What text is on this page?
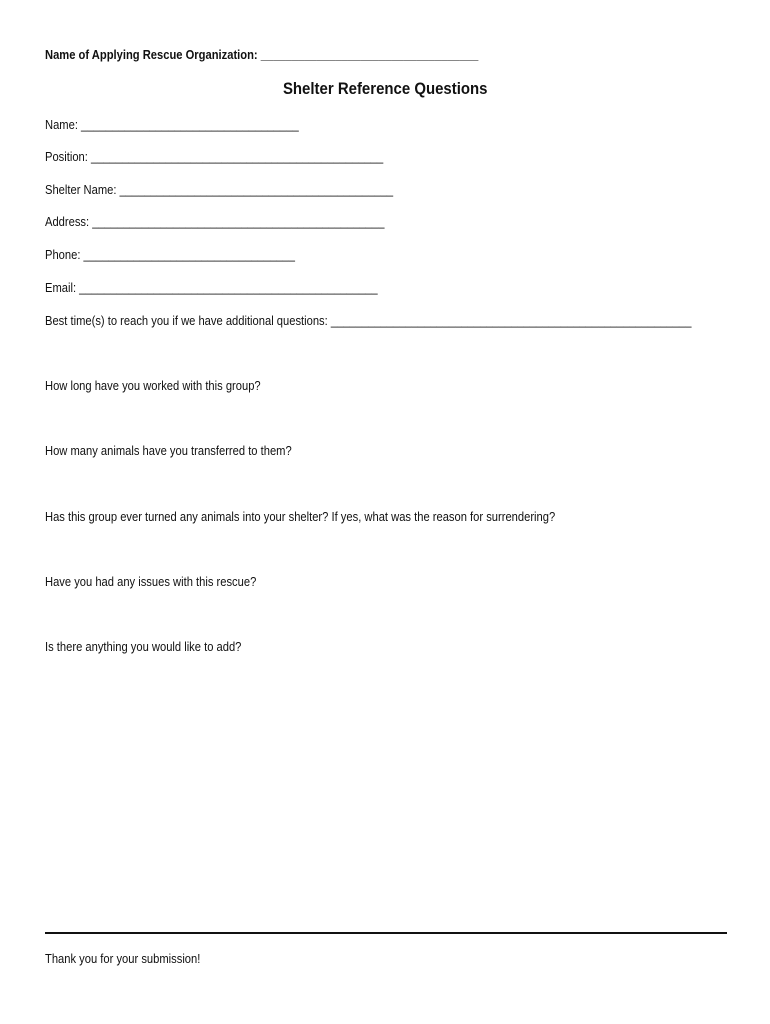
Name of Applying Rescue Organization: ___________________________________
Shelter Reference Questions
Name: ___________________________________
Position: _______________________________________________
Shelter Name: ____________________________________________
Address: _______________________________________________
Phone: __________________________________
Email: ________________________________________________
Best time(s) to reach you if we have additional questions: __________________________________________________________
How long have you worked with this group?
How many animals have you transferred to them?
Has this group ever turned any animals into your shelter? If yes, what was the reason for surrendering?
Have you had any issues with this rescue?
Is there anything you would like to add?
Thank you for your submission!
